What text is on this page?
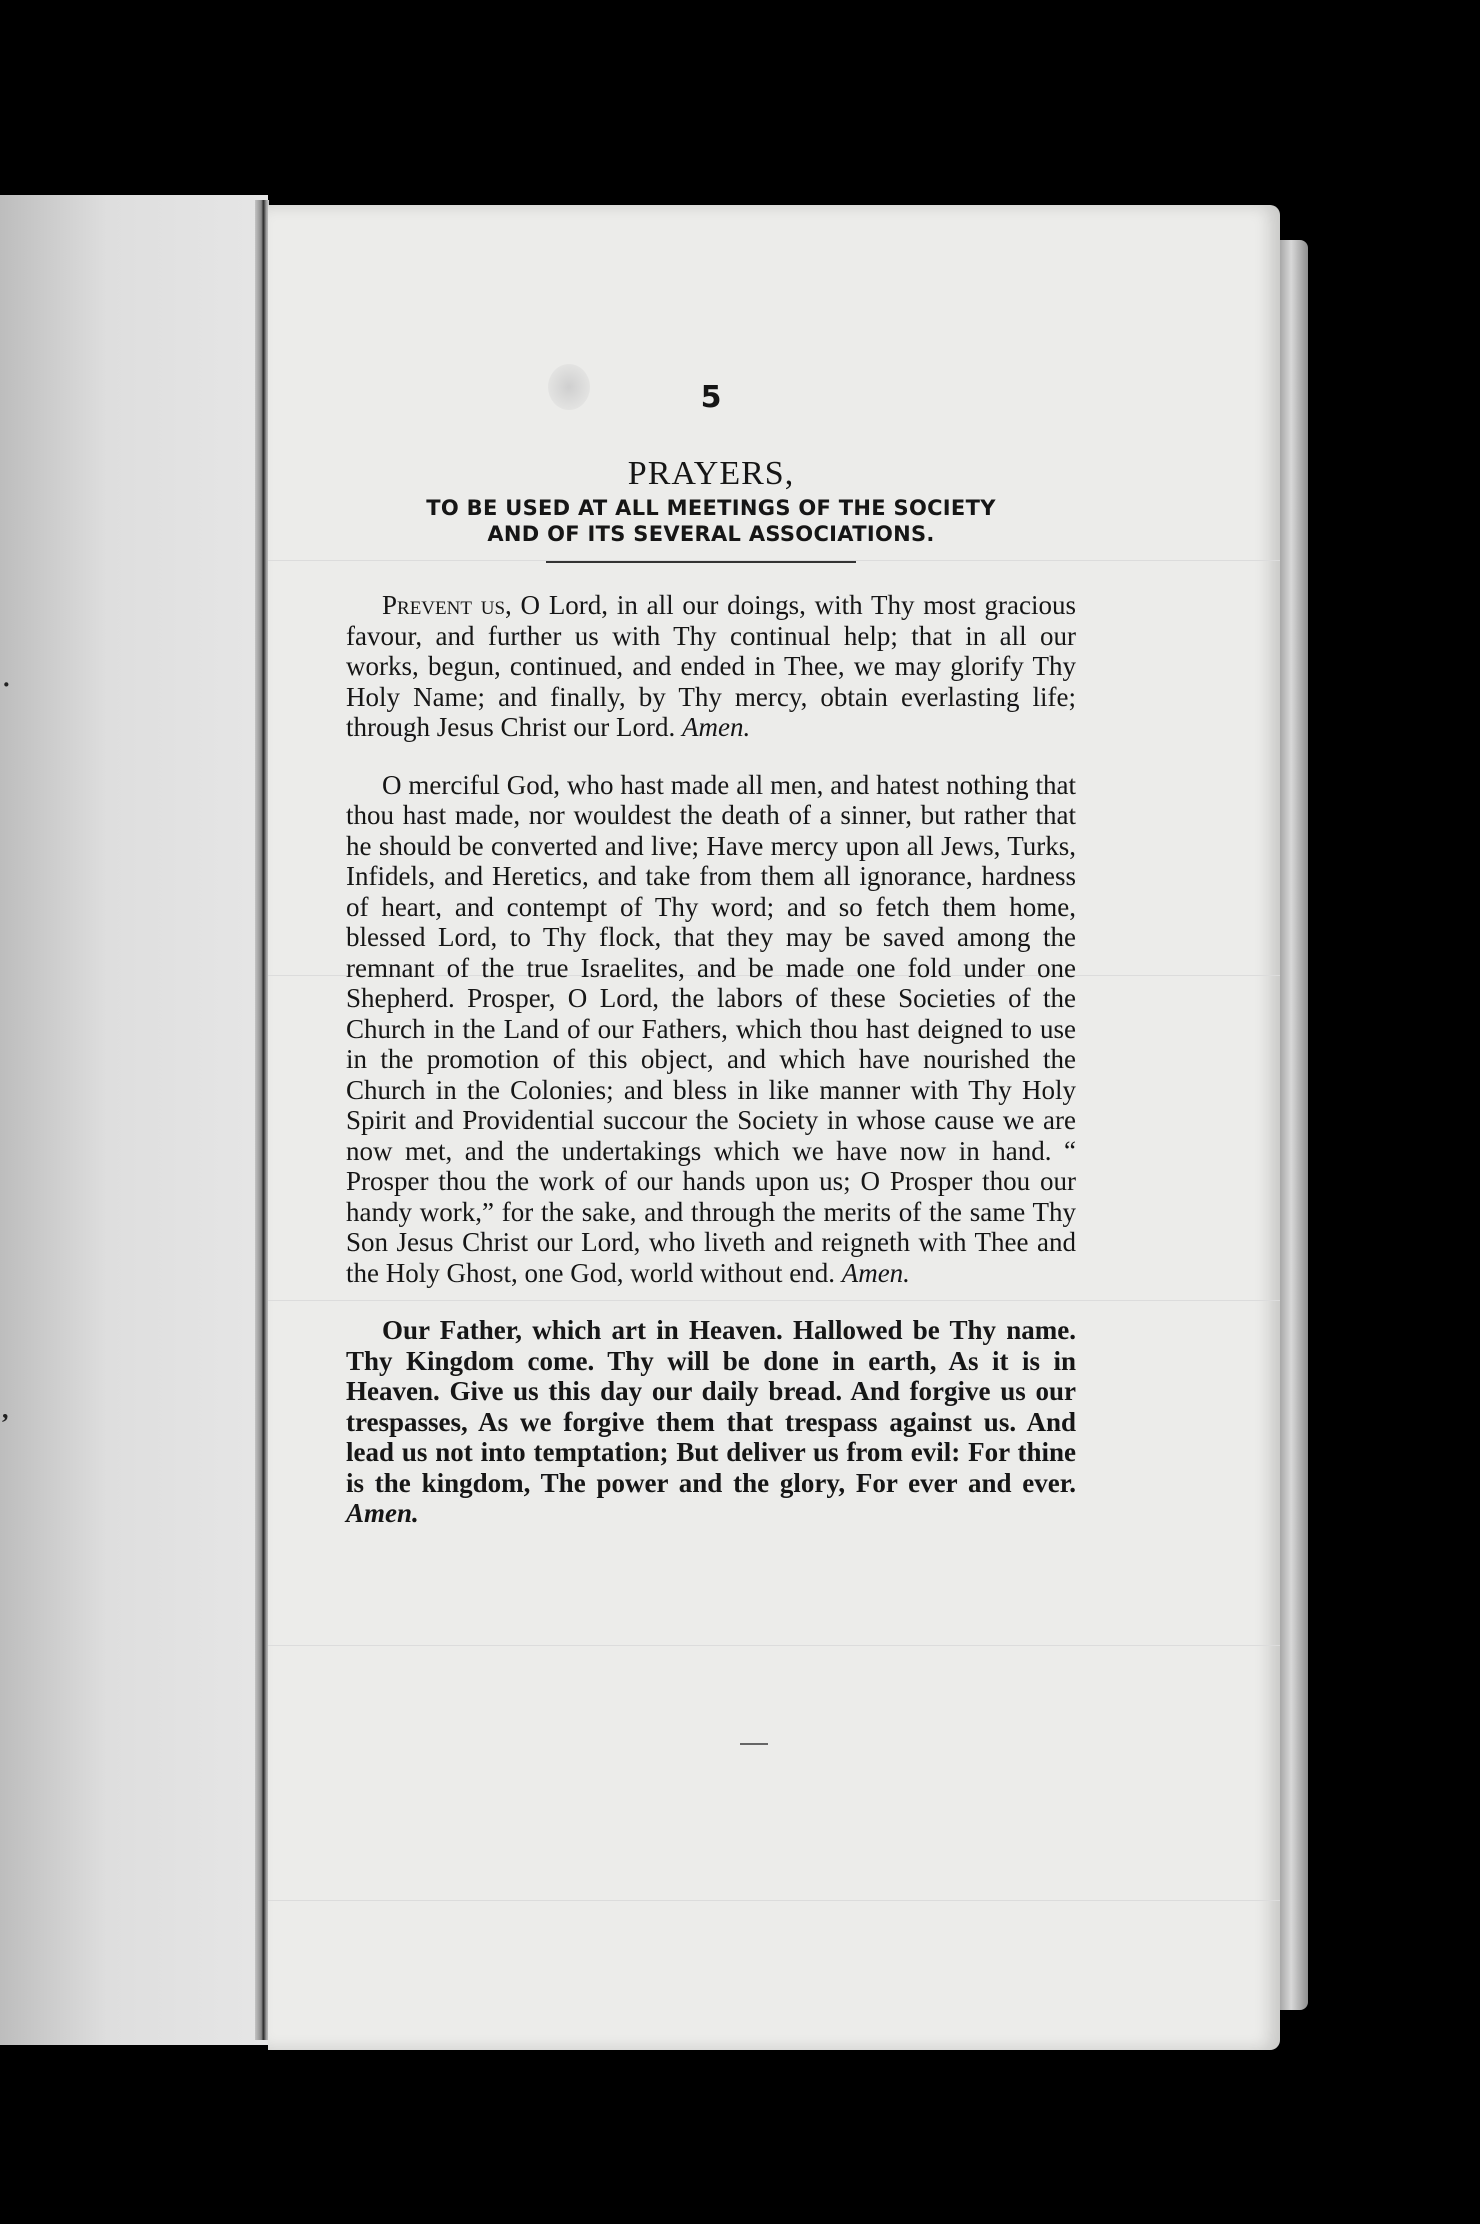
·
,
5
PRAYERS,
TO BE USED AT ALL MEETINGS OF THE SOCIETY
AND OF ITS SEVERAL ASSOCIATIONS.

Prevent us, O Lord, in all our doings, with Thy most gracious favour, and further us with Thy continual help; that in all our works, begun, continued, and ended in Thee, we may glorify Thy Holy Name; and finally, by Thy mercy, obtain everlasting life; through Jesus Christ our Lord. Amen.

O merciful God, who hast made all men, and hatest nothing that thou hast made, nor wouldest the death of a sinner, but rather that he should be converted and live; Have mercy upon all Jews, Turks, Infidels, and Heretics, and take from them all ignorance, hardness of heart, and contempt of Thy word; and so fetch them home, blessed Lord, to Thy flock, that they may be saved among the remnant of the true Israelites, and be made one fold under one Shepherd. Prosper, O Lord, the labors of these Societies of the Church in the Land of our Fathers, which thou hast deigned to use in the promotion of this object, and which have nourished the Church in the Colonies; and bless in like manner with Thy Holy Spirit and Providential succour the Society in whose cause we are now met, and the undertakings which we have now in hand. “ Prosper thou the work of our hands upon us; O Prosper thou our handy work,” for the sake, and through the merits of the same Thy Son Jesus Christ our Lord, who liveth and reigneth with Thee and the Holy Ghost, one God, world without end. Amen.

Our Father, which art in Heaven. Hallowed be Thy name. Thy Kingdom come. Thy will be done in earth, As it is in Heaven. Give us this day our daily bread. And forgive us our trespasses, As we forgive them that trespass against us. And lead us not into temptation; But deliver us from evil: For thine is the kingdom, The power and the glory, For ever and ever. Amen.
